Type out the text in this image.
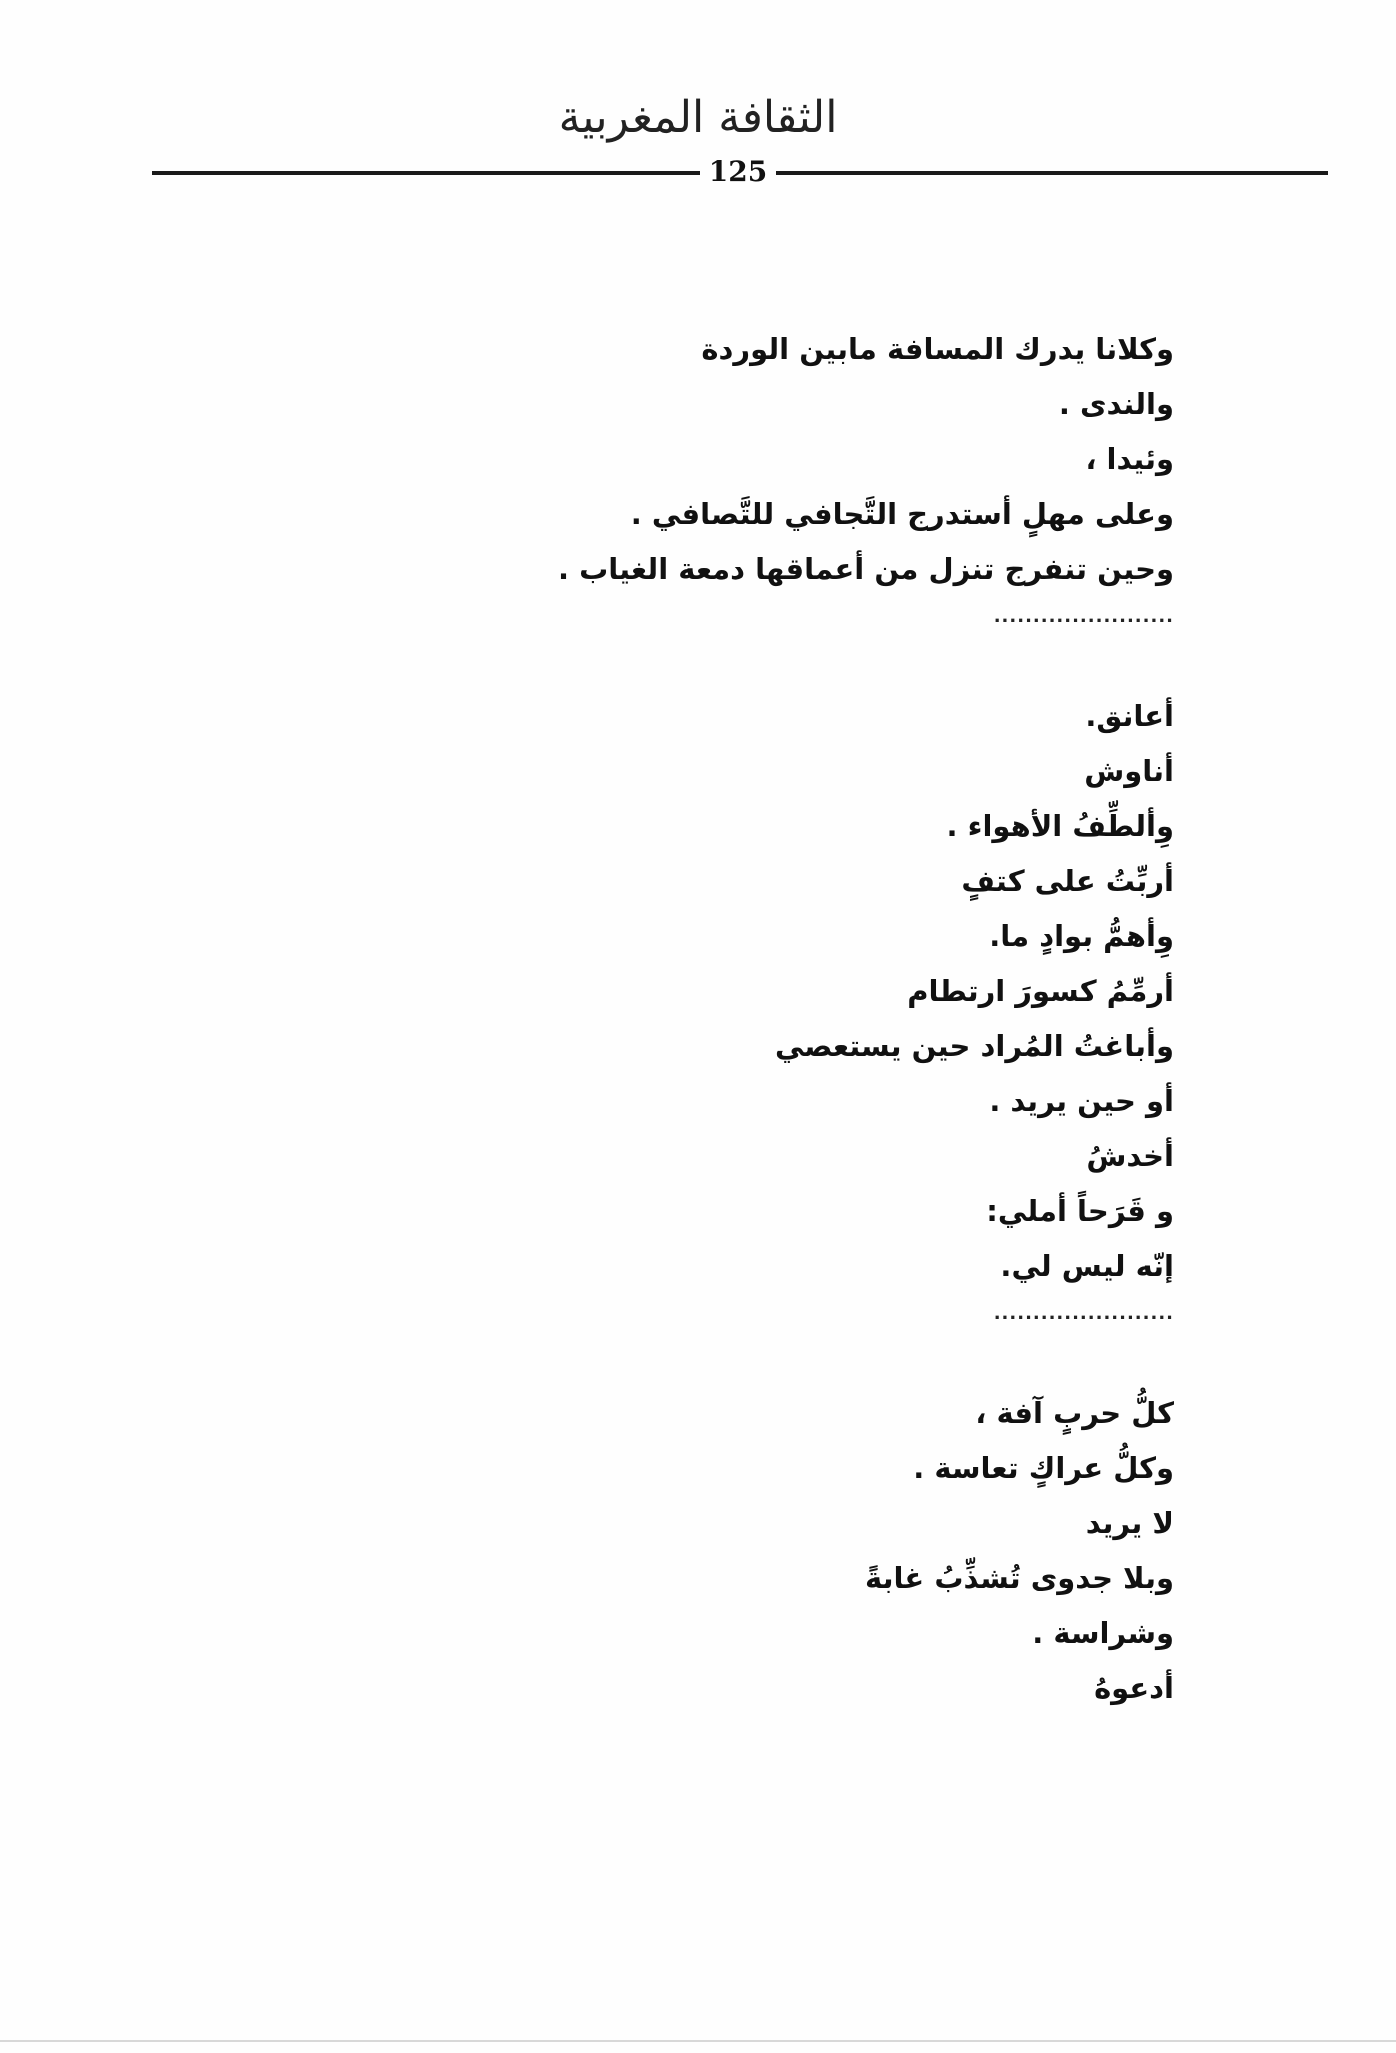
الثقافة المغربية
125
وكلانا يدرك المسافة مابين الوردة
والندى .
وئيدا ،
وعلى مهلٍ أستدرج التَّجافي للتَّصافي .
وحين تنفرج تنزل من أعماقها دمعة الغياب .
.......................
أعانق.
أناوش
وِألطِّفُ الأهواء .
أربِّتُ على كتفٍ
وِأهمُّ بوادٍ ما.
أرمِّمُ كسورَ ارتطام
وأباغتُ المُراد حين يستعصي
أو حين يريد .
أخدشُ
و قَرَحاً أملي:
إنّه ليس لي.
.......................
كلُّ حربٍ آفة ،
وكلُّ عراكٍ تعاسة .
لا يريد
وبلا جدوى تُشذِّبُ غابةً
وشراسة .
أدعوهُ
